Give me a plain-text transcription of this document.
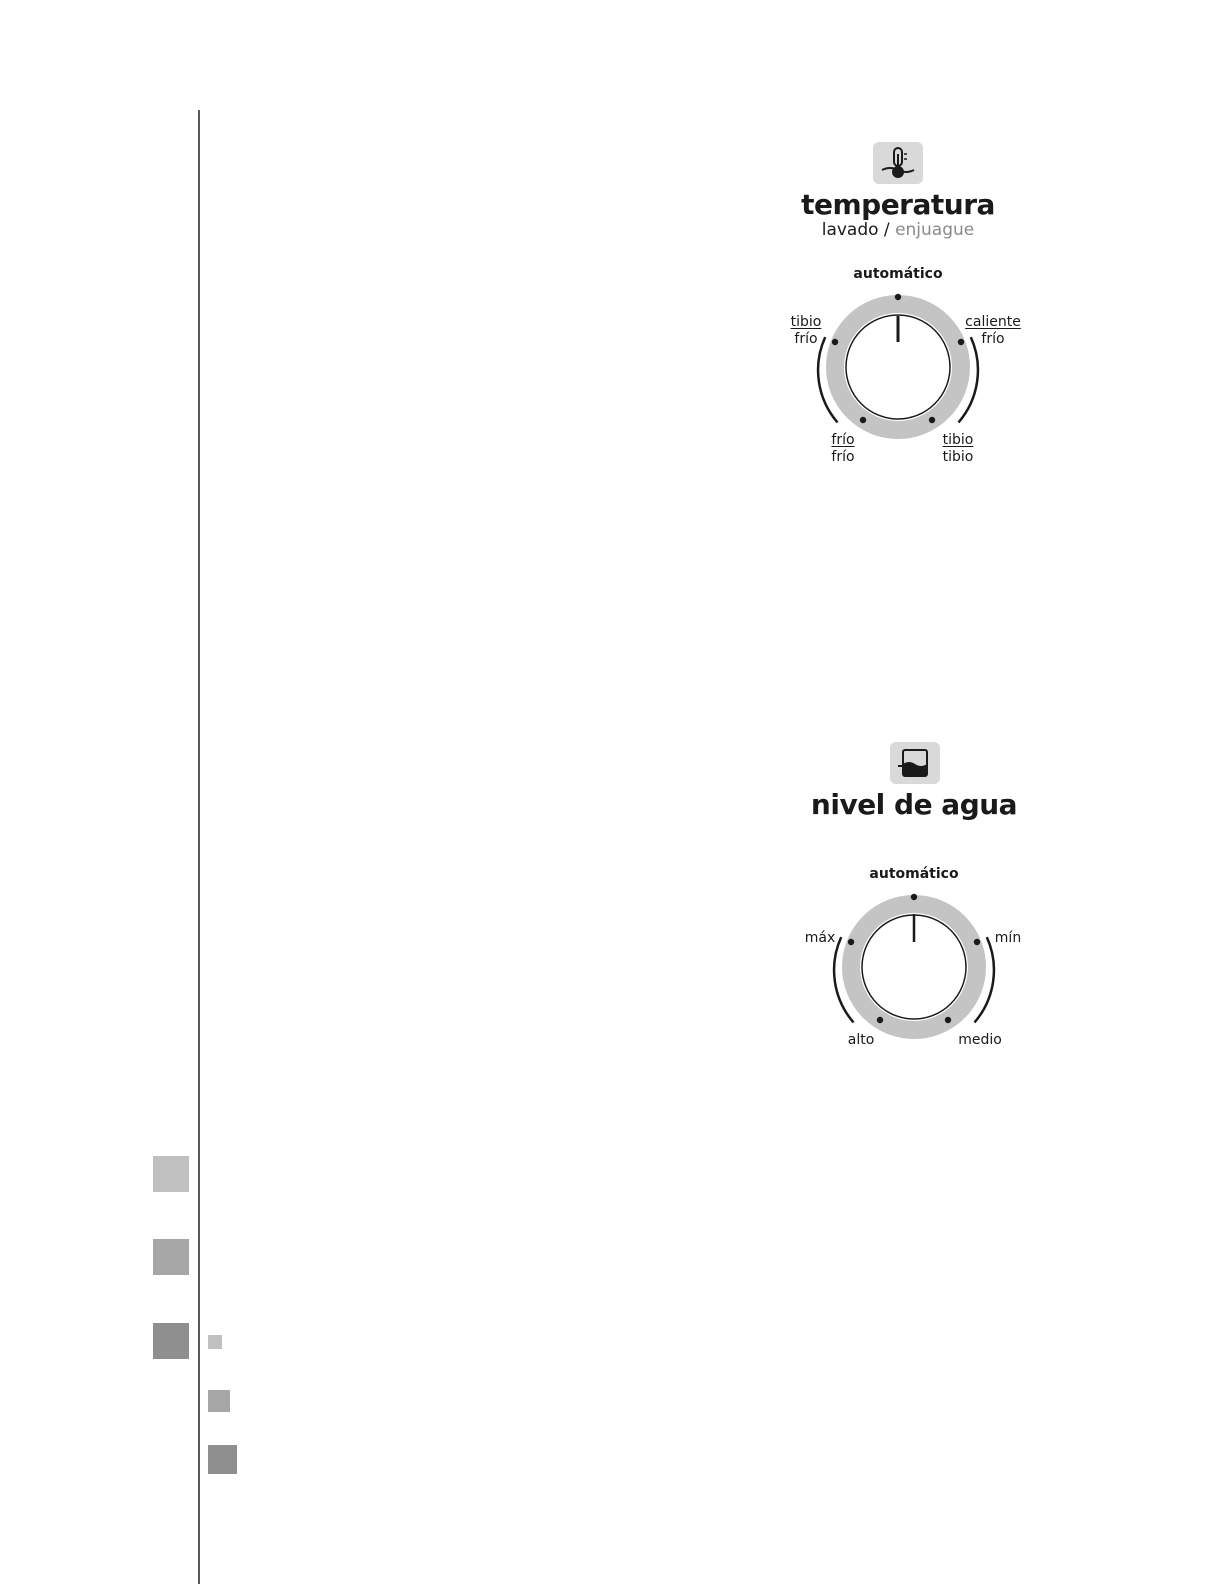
temperatura
lavado / enjuague
automático
tibio
frío
caliente
frío
frío
frío
tibio
tibio
nivel de agua
automático
máx	mín
alto	medio
